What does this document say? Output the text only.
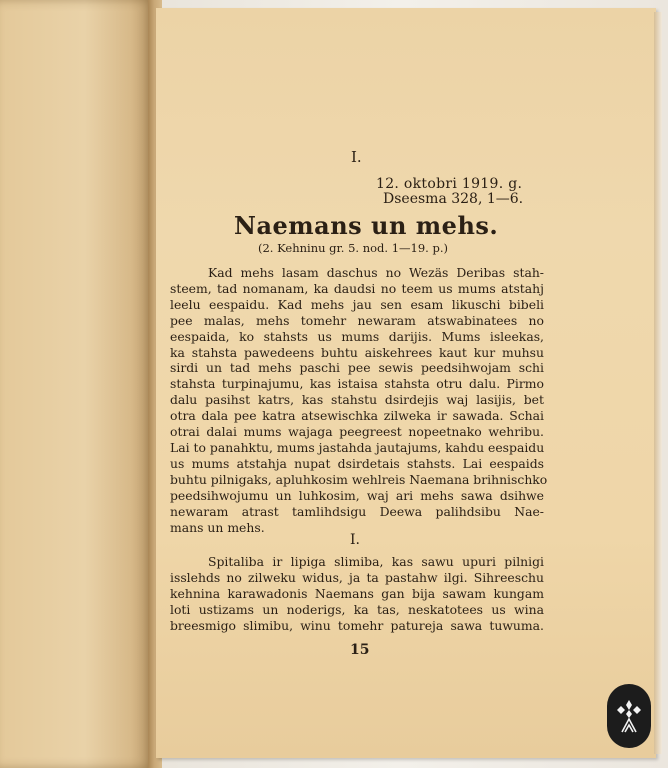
I.
12. oktobri 1919. g.
Dseesma 328, 1—6.
Naemans un mehs.
(2. Kehninu gr. 5. nod. 1—19. p.)
Kad mehs lasam daschus no Wezäs Deribas stah-
steem, tad nomanam, ka daudsi no teem us mums atstahj
leelu eespaidu. Kad mehs jau sen esam likuschi bibeli
pee malas, mehs tomehr newaram atswabinatees no
eespaida, ko stahsts us mums darijis. Mums isleekas,
ka stahsta pawedeens buhtu aiskehrees kaut kur muhsu
sirdi un tad mehs paschi pee sewis peedsihwojam schi
stahsta turpinajumu, kas istaisa stahsta otru dalu. Pirmo
dalu pasihst katrs, kas stahstu dsirdejis waj lasijis, bet
otra dala pee katra atsewischka zilweka ir sawada. Schai
otrai dalai mums wajaga peegreest nopeetnako wehribu.
Lai to panahktu, mums jastahda jautajums, kahdu eespaidu
us mums atstahja nupat dsirdetais stahsts. Lai eespaids
buhtu pilnigaks, apluhkosim wehlreis Naemana brihnischko
peedsihwojumu un luhkosim, waj ari mehs sawa dsihwe
newaram atrast tamlihdsigu Deewa palihdsibu Nae-
mans un mehs.
I.
Spitaliba ir lipiga slimiba, kas sawu upuri pilnigi
isslehds no zilweku widus, ja ta pastahw ilgi. Sihreeschu
kehnina karawadonis Naemans gan bija sawam kungam
loti ustizams un noderigs, ka tas, neskatotees us wina
breesmigo slimibu, winu tomehr patureja sawa tuwuma.
15
